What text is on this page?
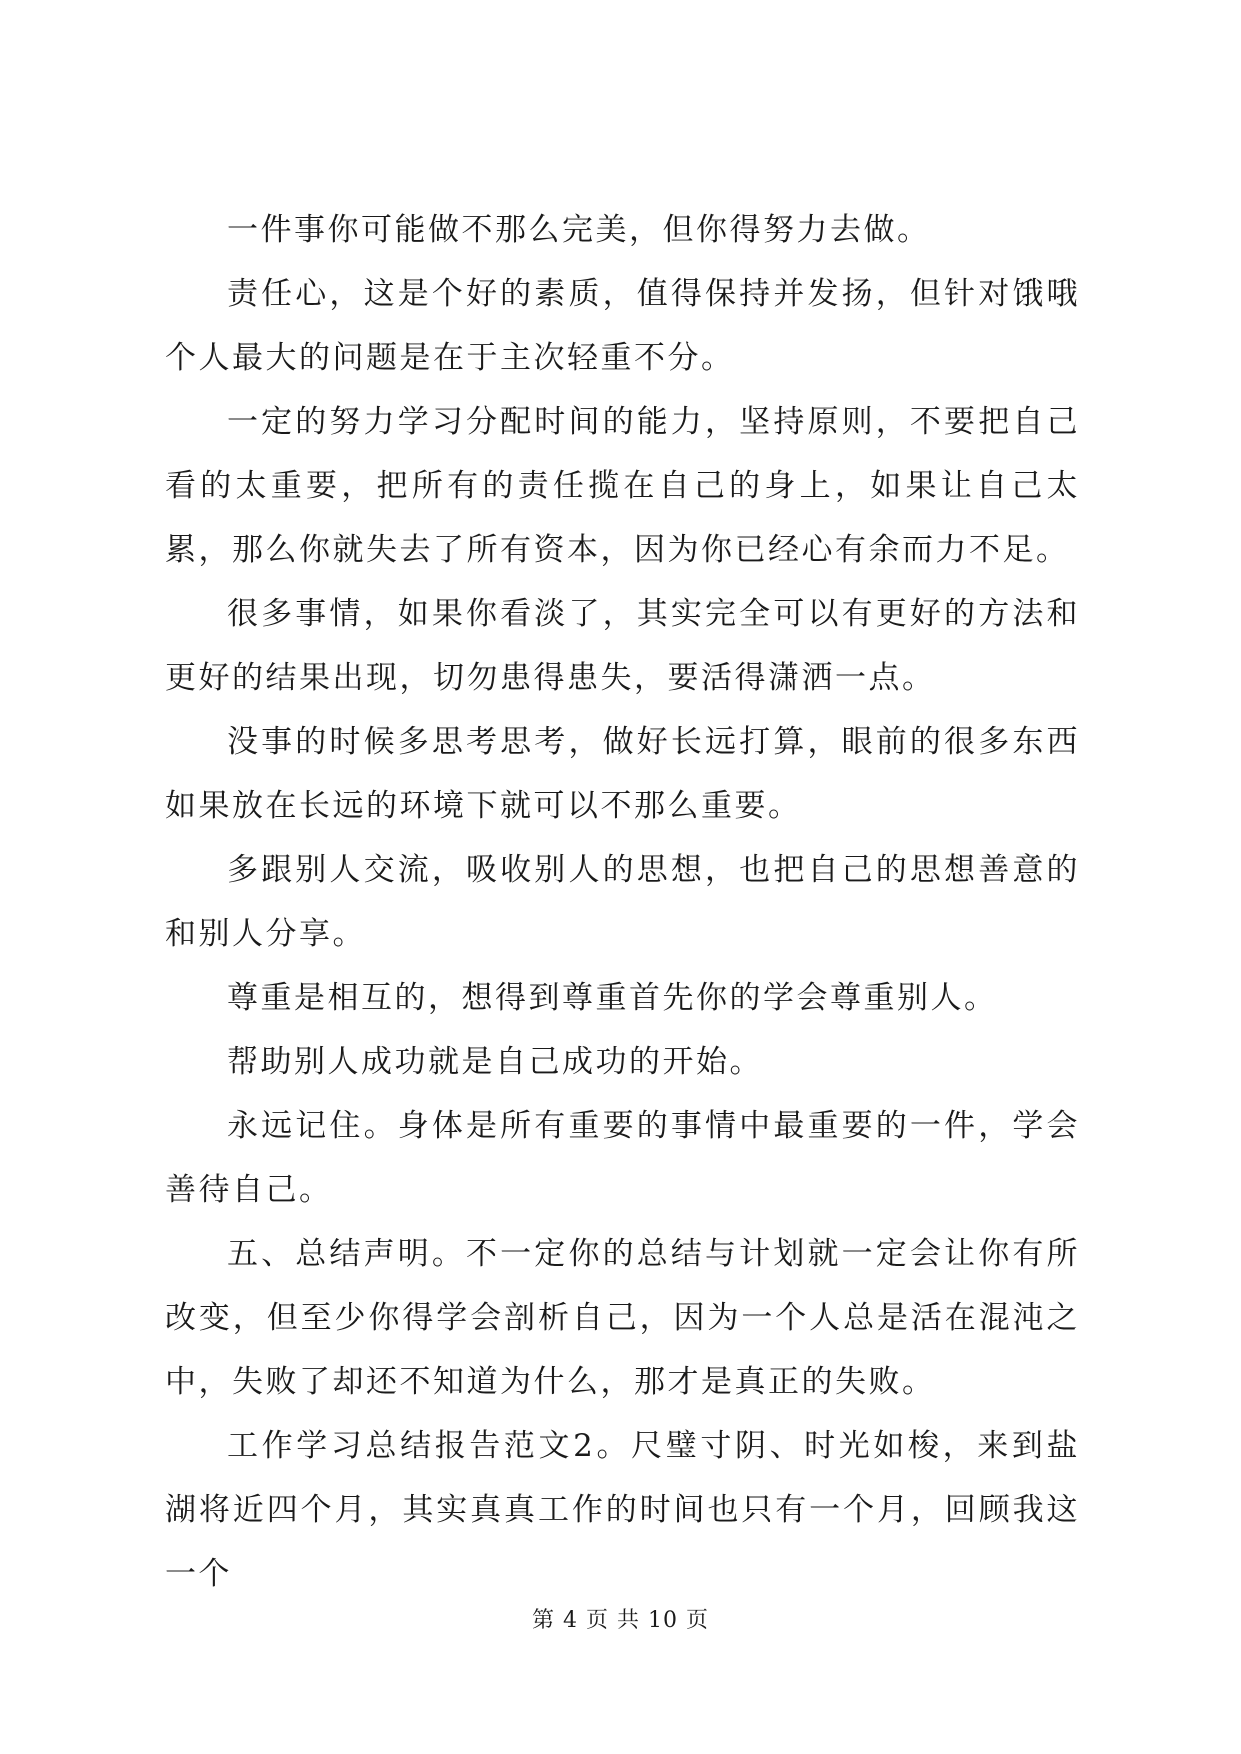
一件事你可能做不那么完美，但你得努力去做。

责任心，这是个好的素质，值得保持并发扬，但针对饿哦个人最大的问题是在于主次轻重不分。

一定的努力学习分配时间的能力，坚持原则，不要把自己看的太重要，把所有的责任揽在自己的身上，如果让自己太累，那么你就失去了所有资本，因为你已经心有余而力不足。

很多事情，如果你看淡了，其实完全可以有更好的方法和更好的结果出现，切勿患得患失，要活得潇洒一点。

没事的时候多思考思考，做好长远打算，眼前的很多东西如果放在长远的环境下就可以不那么重要。

多跟别人交流，吸收别人的思想，也把自己的思想善意的和别人分享。

尊重是相互的，想得到尊重首先你的学会尊重别人。

帮助别人成功就是自己成功的开始。

永远记住。身体是所有重要的事情中最重要的一件，学会善待自己。

五、总结声明。不一定你的总结与计划就一定会让你有所改变，但至少你得学会剖析自己，因为一个人总是活在混沌之中，失败了却还不知道为什么，那才是真正的失败。

工作学习总结报告范文2。尺璧寸阴、时光如梭，来到盐湖将近四个月，其实真真工作的时间也只有一个月，回顾我这一个

第 4 页 共 10 页
